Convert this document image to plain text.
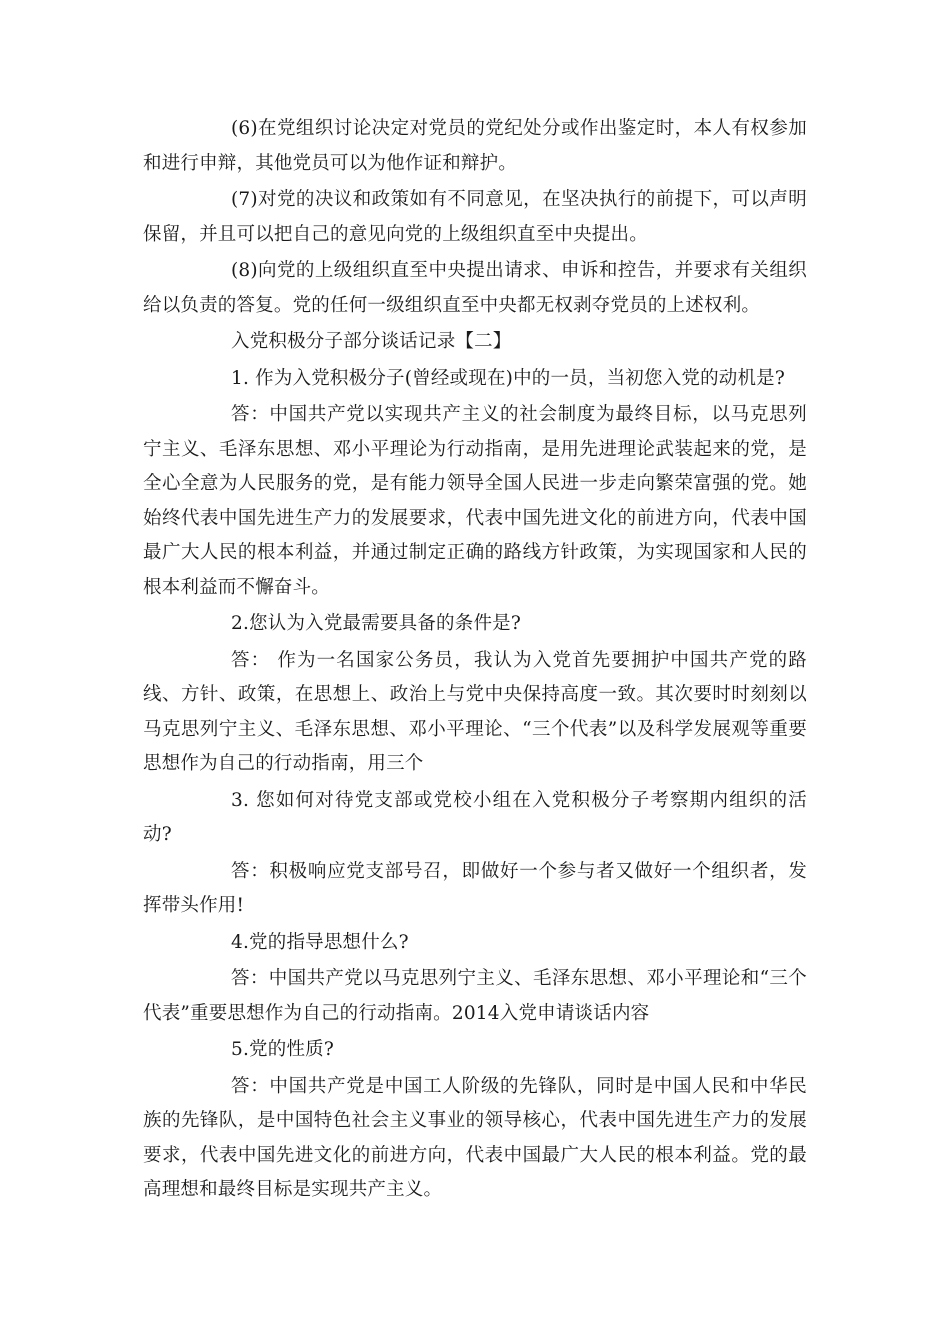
(6)在党组织讨论决定对党员的党纪处分或作出鉴定时，本人有权参加和进行申辩，其他党员可以为他作证和辩护。

(7)对党的决议和政策如有不同意见，在坚决执行的前提下，可以声明保留，并且可以把自己的意见向党的上级组织直至中央提出。

(8)向党的上级组织直至中央提出请求、申诉和控告，并要求有关组织给以负责的答复。党的任何一级组织直至中央都无权剥夺党员的上述权利。

入党积极分子部分谈话记录【二】

1. 作为入党积极分子(曾经或现在)中的一员，当初您入党的动机是?

答：中国共产党以实现共产主义的社会制度为最终目标，以马克思列宁主义、毛泽东思想、邓小平理论为行动指南，是用先进理论武装起来的党，是全心全意为人民服务的党，是有能力领导全国人民进一步走向繁荣富强的党。她始终代表中国先进生产力的发展要求，代表中国先进文化的前进方向，代表中国最广大人民的根本利益，并通过制定正确的路线方针政策，为实现国家和人民的根本利益而不懈奋斗。

2.您认为入党最需要具备的条件是?

答： 作为一名国家公务员，我认为入党首先要拥护中国共产党的路线、方针、政策，在思想上、政治上与党中央保持高度一致。其次要时时刻刻以马克思列宁主义、毛泽东思想、邓小平理论、“三个代表”以及科学发展观等重要思想作为自己的行动指南，用三个

3. 您如何对待党支部或党校小组在入党积极分子考察期内组织的活动?

答：积极响应党支部号召，即做好一个参与者又做好一个组织者，发挥带头作用!

4.党的指导思想什么?

答：中国共产党以马克思列宁主义、毛泽东思想、邓小平理论和“三个代表”重要思想作为自己的行动指南。2014入党申请谈话内容

5.党的性质?

答：中国共产党是中国工人阶级的先锋队，同时是中国人民和中华民族的先锋队，是中国特色社会主义事业的领导核心，代表中国先进生产力的发展要求，代表中国先进文化的前进方向，代表中国最广大人民的根本利益。党的最高理想和最终目标是实现共产主义。
